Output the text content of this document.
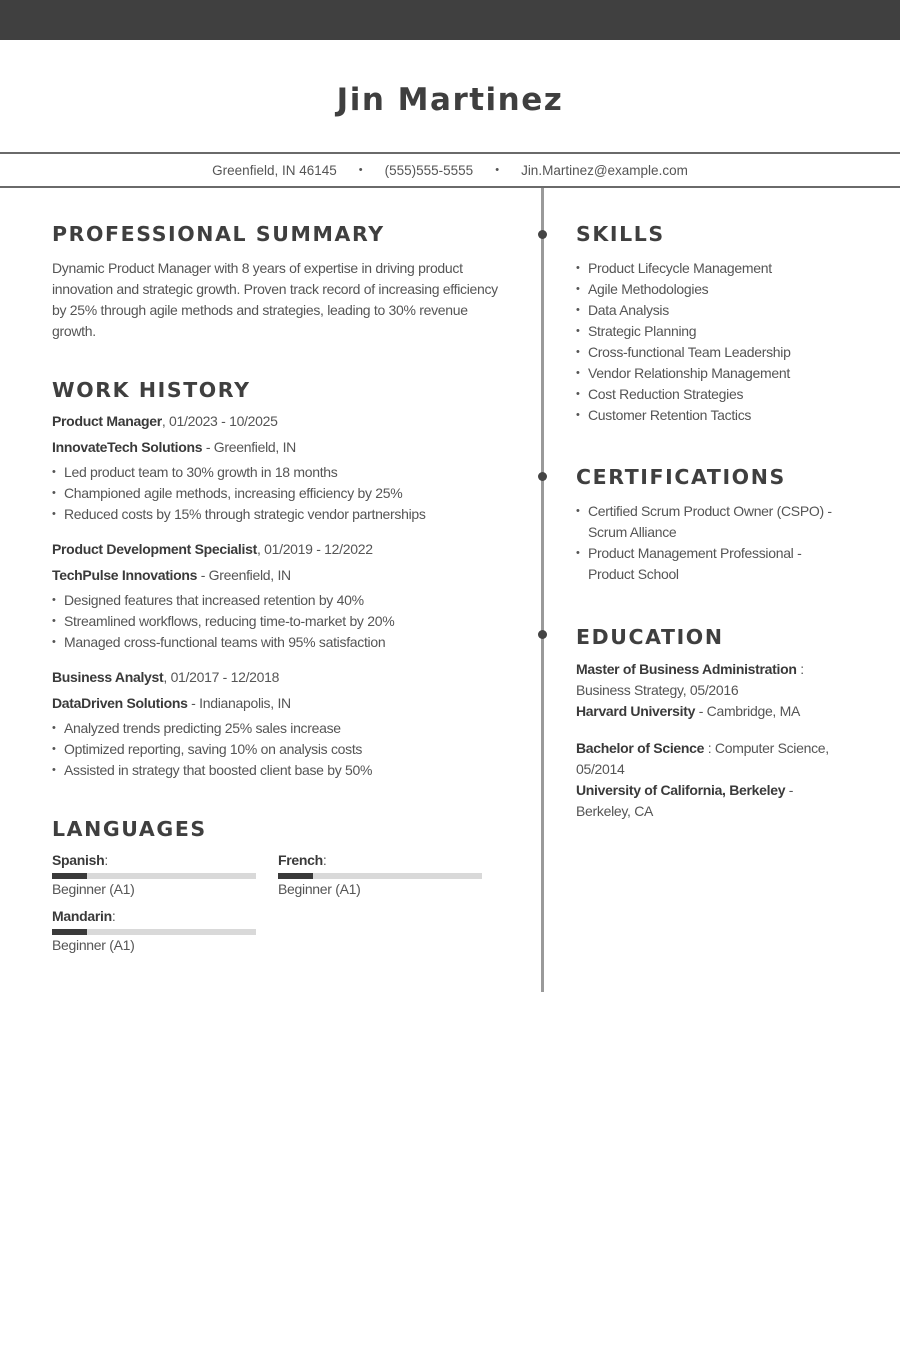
Jin Martinez
Greenfield, IN 46145 • (555)555-5555 • Jin.Martinez@example.com
PROFESSIONAL SUMMARY

Dynamic Product Manager with 8 years of expertise in driving product innovation and strategic growth. Proven track record of increasing efficiency by 25% through agile methods and strategies, leading to 30% revenue growth.

WORK HISTORY
Product Manager, 01/2023 - 10/2025
InnovateTech Solutions - Greenfield, IN
• Led product team to 30% growth in 18 months
• Championed agile methods, increasing efficiency by 25%
• Reduced costs by 15% through strategic vendor partnerships
Product Development Specialist, 01/2019 - 12/2022
TechPulse Innovations - Greenfield, IN
• Designed features that increased retention by 40%
• Streamlined workflows, reducing time-to-market by 20%
• Managed cross-functional teams with 95% satisfaction
Business Analyst, 01/2017 - 12/2018
DataDriven Solutions - Indianapolis, IN
• Analyzed trends predicting 25% sales increase
• Optimized reporting, saving 10% on analysis costs
• Assisted in strategy that boosted client base by 50%
LANGUAGES
Spanish:
Beginner (A1)
French:
Beginner (A1)
Mandarin:
Beginner (A1)
SKILLS
• Product Lifecycle Management
• Agile Methodologies
• Data Analysis
• Strategic Planning
• Cross-functional Team Leadership
• Vendor Relationship Management
• Cost Reduction Strategies
• Customer Retention Tactics
CERTIFICATIONS
• Certified Scrum Product Owner (CSPO) - Scrum Alliance
• Product Management Professional - Product School
EDUCATION
Master of Business Administration : Business Strategy, 05/2016
Harvard University - Cambridge, MA
Bachelor of Science : Computer Science, 05/2014
University of California, Berkeley - Berkeley, CA
